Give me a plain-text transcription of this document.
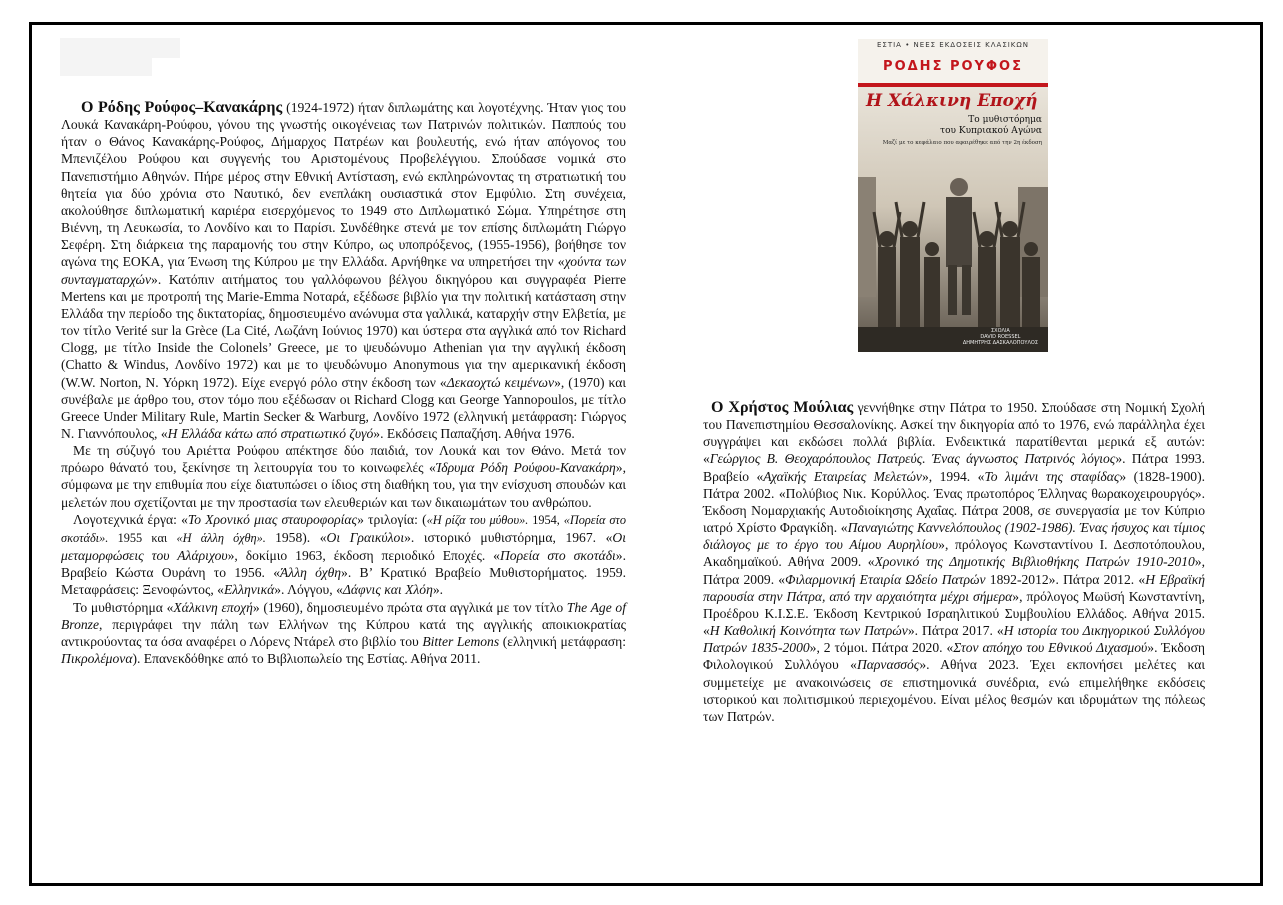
Ο Ρόδης Ρούφος–Κανακάρης (1924-1972) ήταν διπλωμάτης και λογοτέχνης. Ήταν γιος του Λουκά Κανακάρη-Ρούφου, γόνου της γνωστής οικογένειας των Πατρινών πολιτικών. Παππούς του ήταν ο Θάνος Κανακάρης-Ρούφος, Δήμαρχος Πατρέων και βουλευτής, ενώ ήταν απόγονος του Μπενιζέλου Ρούφου και συγγενής του Αριστομένους Προβελέγγιου. Σπούδασε νομικά στο Πανεπιστήμιο Αθηνών. Πήρε μέρος στην Εθνική Αντίσταση, ενώ εκπληρώνοντας τη στρατιωτική του θητεία για δύο χρόνια στο Ναυτικό, δεν ενεπλάκη ουσιαστικά στον Εμφύλιο. Στη συνέχεια, ακολούθησε διπλωματική καριέρα εισερχόμενος το 1949 στο Διπλωματικό Σώμα. Υπηρέτησε στη Βιέννη, τη Λευκωσία, το Λονδίνο και το Παρίσι. Συνδέθηκε στενά με τον επίσης διπλωμάτη Γιώργο Σεφέρη. Στη διάρκεια της παραμονής του στην Κύπρο, ως υποπρόξενος, (1955-1956), βοήθησε τον αγώνα της ΕΟΚΑ, για Ένωση της Κύπρου με την Ελλάδα. Αρνήθηκε να υπηρετήσει την «χούντα των συνταγματαρχών». Κατόπιν αιτήματος του γαλλόφωνου βέλγου δικηγόρου και συγγραφέα Pierre Mertens και με προτροπή της Marie-Emma Νοταρά, εξέδωσε βιβλίο για την πολιτική κατάσταση στην Ελλάδα την περίοδο της δικτατορίας, δημοσιευμένο ανώνυμα στα γαλλικά, καταρχήν στην Ελβετία, με τον τίτλο Verité sur la Grèce (La Cité, Λωζάνη Ιούνιος 1970) και ύστερα στα αγγλικά από τον Richard Clogg, με τίτλο Inside the Colonels’ Greece, με το ψευδώνυμο Athenian για την αγγλική έκδοση (Chatto & Windus, Λονδίνο 1972) και με το ψευδώνυμο Anonymous για την αμερικανική έκδοση (W.W. Norton, N. Υόρκη 1972). Είχε ενεργό ρόλο στην έκδοση των «Δεκαοχτώ κειμένων», (1970) και συνέβαλε με άρθρο του, στον τόμο που εξέδωσαν οι Richard Clogg και George Yannopoulos, με τίτλο Greece Under Military Rule, Martin Secker & Warburg, Λονδίνο 1972 (ελληνική μετάφραση: Γιώργος Ν. Γιαννόπουλος, «Η Ελλάδα κάτω από στρατιωτικό ζυγό». Εκδόσεις Παπαζήση. Αθήνα 1976.

Με τη σύζυγό του Αριέττα Ρούφου απέκτησε δύο παιδιά, τον Λουκά και τον Θάνο. Μετά τον πρόωρο θάνατό του, ξεκίνησε τη λειτουργία του το κοινωφελές «Ίδρυμα Ρόδη Ρούφου-Κανακάρη», σύμφωνα με την επιθυμία που είχε διατυπώσει ο ίδιος στη διαθήκη του, για την ενίσχυση σπουδών και μελετών που σχετίζονται με την προστασία των ελευθεριών και των δικαιωμάτων του ανθρώπου.

Λογοτεχνικά έργα: «Το Χρονικό μιας σταυροφορίας» τριλογία: («Η ρίζα του μύθου». 1954, «Πορεία στο σκοτάδι». 1955 και «Η άλλη όχθη». 1958). «Οι Γραικύλοι». ιστορικό μυθιστόρημα, 1967. «Οι μεταμορφώσεις του Αλάριχου», δοκίμιο 1963, έκδοση περιοδικό Εποχές. «Πορεία στο σκοτάδι». Βραβείο Κώστα Ουράνη το 1956. «Άλλη όχθη». Β’ Κρατικό Βραβείο Μυθιστορήματος. 1959. Μεταφράσεις: Ξενοφώντος, «Ελληνικά». Λόγγου, «Δάφνις και Χλόη».

Το μυθιστόρημα «Χάλκινη εποχή» (1960), δημοσιευμένο πρώτα στα αγγλικά με τον τίτλο The Age of Bronze, περιγράφει την πάλη των Ελλήνων της Κύπρου κατά της αγγλικής αποικιοκρατίας αντικρούοντας τα όσα αναφέρει ο Λόρενς Ντάρελ στο βιβλίο του Bitter Lemons (ελληνική μετάφραση: Πικρολέμονα). Επανεκδόθηκε από το Βιβλιοπωλείο της Εστίας. Αθήνα 2011.

ΕΣΤΙΑ • ΝΕΕΣ ΕΚΔΟΣΕΙΣ ΚΛΑΣΙΚΩΝ
ΡΟΔΗΣ ΡΟΥΦΟΣ
Η Χάλκινη Εποχή
Το μυθιστόρημα
του Κυπριακού Αγώνα
Μαζί με το κεφάλαιο που αφαιρέθηκε από την 2η έκδοση
ΣΧΟΛΙΑ
DAVID ROESSEL
ΔΗΜΗΤΡΗΣ ΔΑΣΚΑΛΟΠΟΥΛΟΣ

Ο Χρήστος Μούλιας γεννήθηκε στην Πάτρα το 1950. Σπούδασε στη Νομική Σχολή του Πανεπιστημίου Θεσσαλονίκης. Ασκεί την δικηγορία από το 1976, ενώ παράλληλα έχει συγγράψει και εκδώσει πολλά βιβλία. Ενδεικτικά παρατίθενται μερικά εξ αυτών: «Γεώργιος Β. Θεοχαρόπουλος Πατρεύς. Ένας άγνωστος Πατρινός λόγιος». Πάτρα 1993. Βραβείο «Αχαϊκής Εταιρείας Μελετών», 1994. «Το λιμάνι της σταφίδας» (1828-1900). Πάτρα 2002. «Πολύβιος Νικ. Κορύλλος. Ένας πρωτοπόρος Έλληνας θωρακοχειρουργός». Έκδοση Νομαρχιακής Αυτοδιοίκησης Αχαΐας. Πάτρα 2008, σε συνεργασία με τον Κύπριο ιατρό Χρίστο Φραγκίδη. «Παναγιώτης Καννελόπουλος (1902-1986). Ένας ήσυχος και τίμιος διάλογος με το έργο του Αίμου Αυρηλίου», πρόλογος Κωνσταντίνου Ι. Δεσποτόπουλου, Ακαδημαϊκού. Αθήνα 2009. «Χρονικό της Δημοτικής Βιβλιοθήκης Πατρών 1910-2010», Πάτρα 2009. «Φιλαρμονική Εταιρία Ωδείο Πατρών 1892-2012». Πάτρα 2012. «Η Εβραϊκή παρουσία στην Πάτρα, από την αρχαιότητα μέχρι σήμερα», πρόλογος Μωϋσή Κωνσταντίνη, Προέδρου Κ.Ι.Σ.Ε. Έκδοση Κεντρικού Ισραηλιτικού Συμβουλίου Ελλάδος. Αθήνα 2015. «Η Καθολική Κοινότητα των Πατρών». Πάτρα 2017. «Η ιστορία του Δικηγορικού Συλλόγου Πατρών 1835-2000», 2 τόμοι. Πάτρα 2020. «Στον απόηχο του Εθνικού Διχασμού». Έκδοση Φιλολογικού Συλλόγου «Παρνασσός». Αθήνα 2023. Έχει εκπονήσει μελέτες και συμμετείχε με ανακοινώσεις σε επιστημονικά συνέδρια, ενώ επιμελήθηκε εκδόσεις ιστορικού και πολιτισμικού περιεχομένου. Είναι μέλος θεσμών και ιδρυμάτων της πόλεως των Πατρών.
